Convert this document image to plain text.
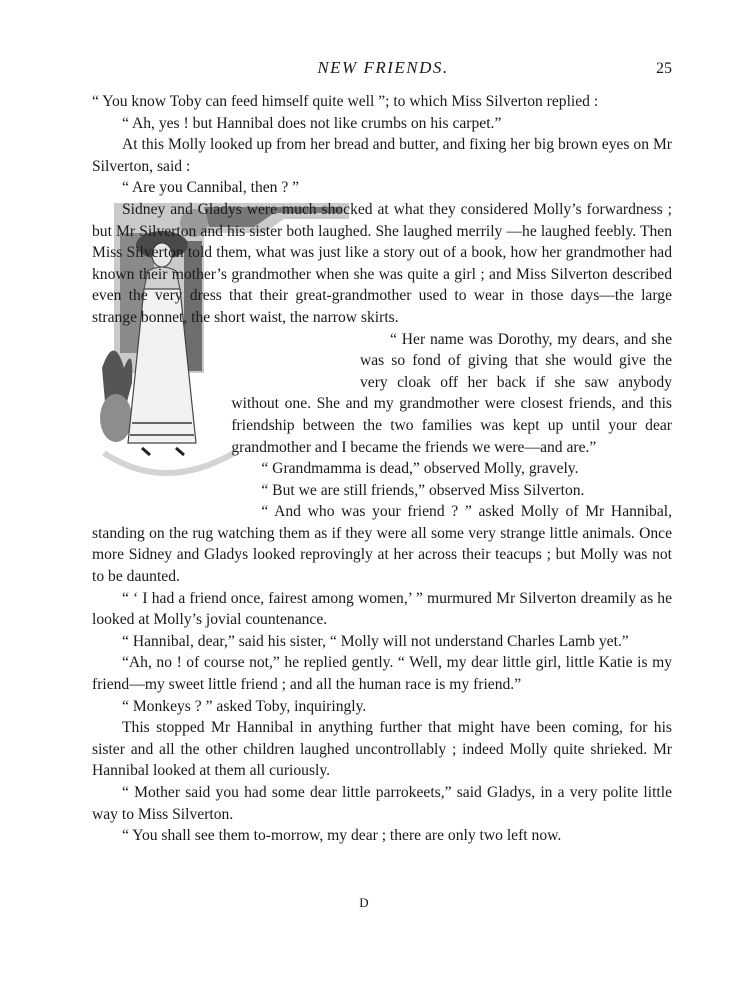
NEW FRIENDS.	25

“ You know Toby can feed himself quite well ”; to which Miss Silverton replied :

“ Ah, yes ! but Hannibal does not like crumbs on his carpet.”

At this Molly looked up from her bread and butter, and fixing her big brown eyes on Mr Silverton, said :

“ Are you Cannibal, then ? ”

Sidney and Gladys were much shocked at what they considered Molly’s forwardness ; but Mr Silverton and his sister both laughed. She laughed merrily —he laughed feebly. Then Miss Silverton told them, what was just like a story out of a book, how her grandmother had known their mother’s grandmother when she was quite a girl ; and Miss Silverton described even the very dress that their great-grandmother used to wear in those days—the large strange bonnet, the short waist, the narrow skirts.

“ Her name was Dorothy, my dears, and she was so fond of giving that she would give the very cloak off her back if she saw anybody without one. She and my grandmother were closest friends, and this friendship between the two families was kept up until your dear grandmother and I became the friends we were—and are.”

“ Grandmamma is dead,” observed Molly, gravely.

“ But we are still friends,” observed Miss Silverton.

“ And who was your friend ? ” asked Molly of Mr Hannibal, standing on the rug watching them as if they were all some very strange little animals. Once more Sidney and Gladys looked reprovingly at her across their teacups ; but Molly was not to be daunted.

“ ‘ I had a friend once, fairest among women,’ ” murmured Mr Silverton dreamily as he looked at Molly’s jovial countenance.

“ Hannibal, dear,” said his sister, “ Molly will not understand Charles Lamb yet.”

“Ah, no ! of course not,” he replied gently. “ Well, my dear little girl, little Katie is my friend—my sweet little friend ; and all the human race is my friend.”

“ Monkeys ? ” asked Toby, inquiringly.

This stopped Mr Hannibal in anything further that might have been coming, for his sister and all the other children laughed uncontrollably ; indeed Molly quite shrieked. Mr Hannibal looked at them all curiously.

“ Mother said you had some dear little parrokeets,” said Gladys, in a very polite little way to Miss Silverton.

“ You shall see them to-morrow, my dear ; there are only two left now.

D
